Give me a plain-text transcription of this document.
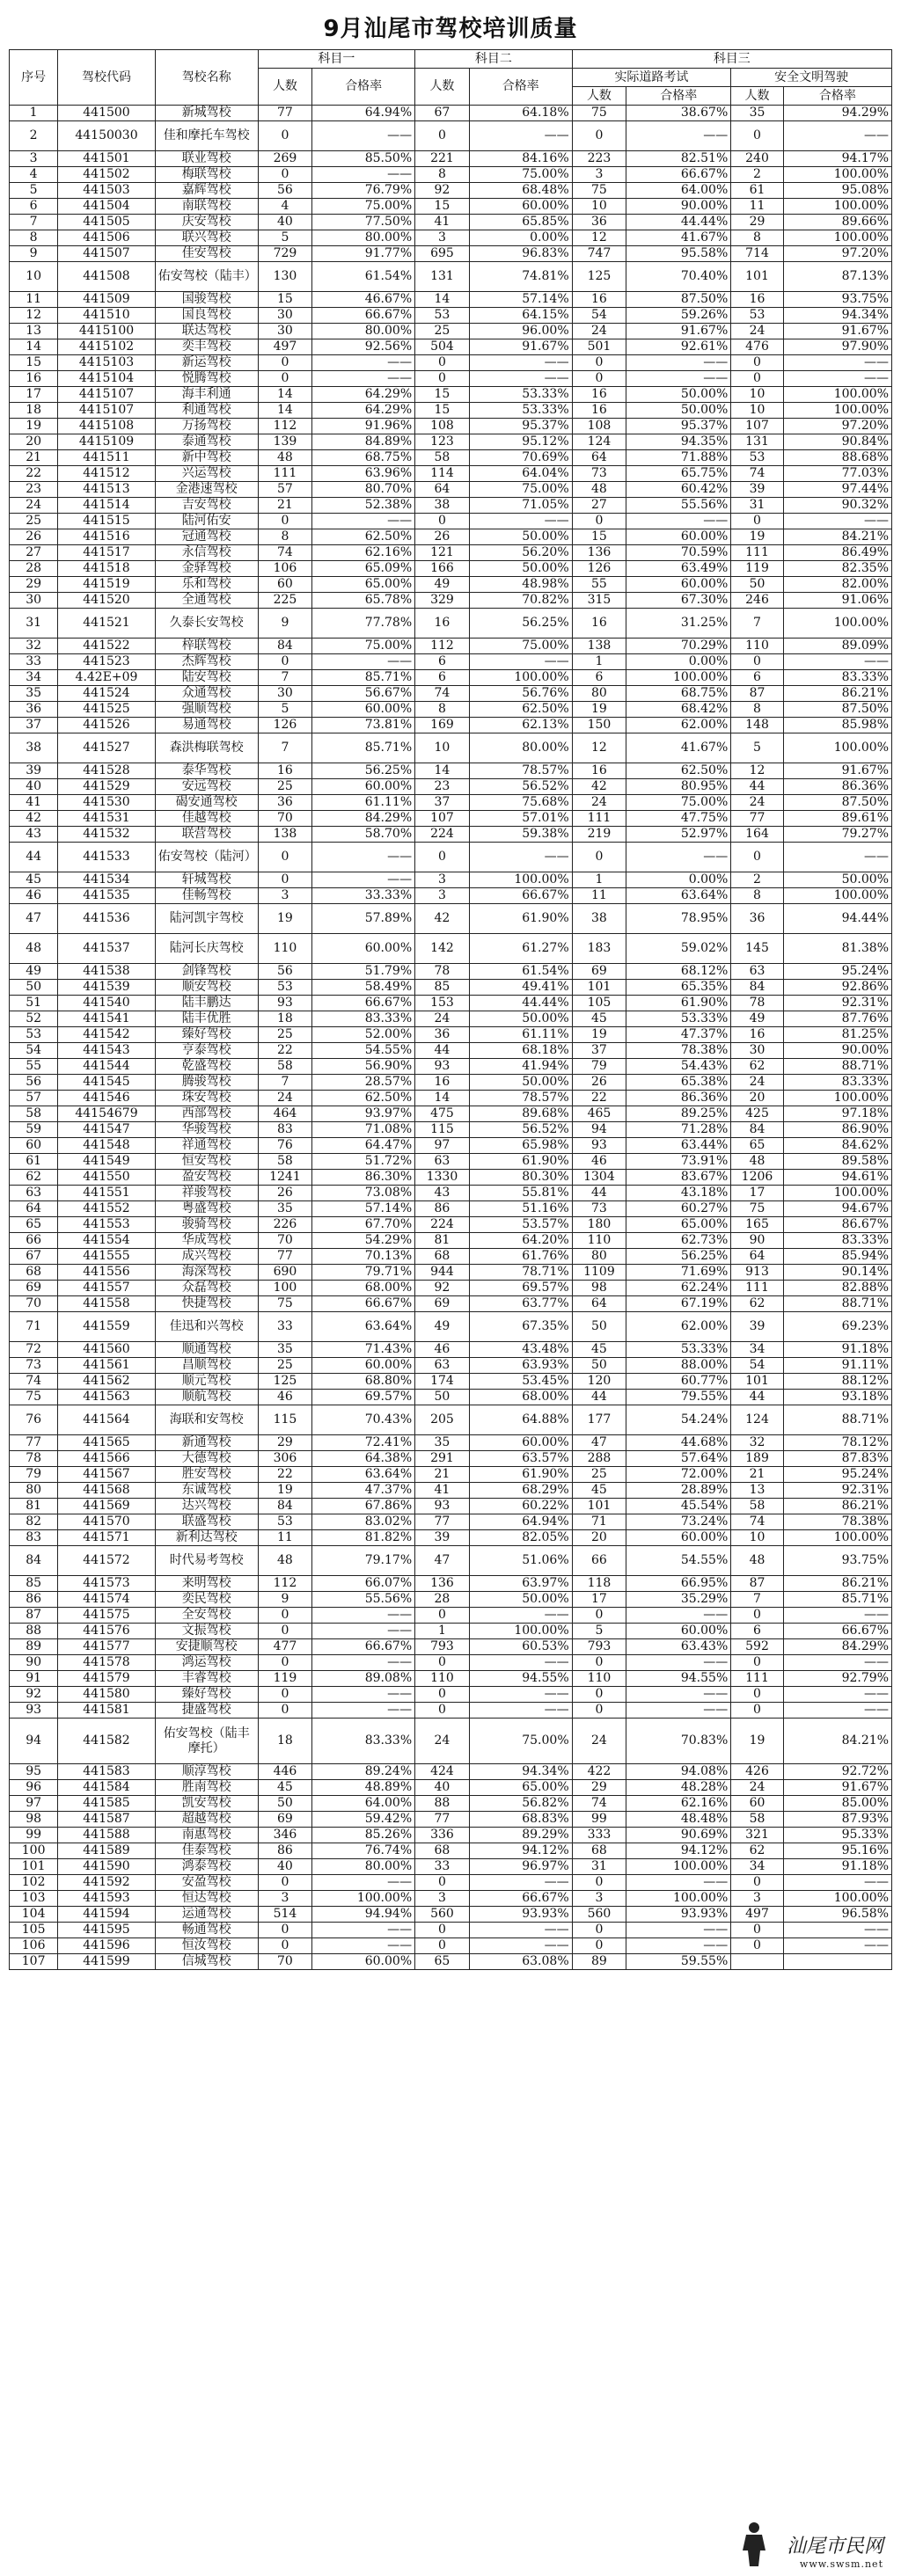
9月汕尾市驾校培训质量
序号	驾校代码	驾校名称	科目一		科目二		科目三			
			人数	合格率	人数	合格率	实际道路考试		安全文明驾驶	
							人数	合格率	人数	合格率
1	441500	新城驾校	77	64.94%	67	64.18%	75	38.67%	35	94.29%
2	44150030	佳和摩托车驾校	0	——	0	——	0	——	0	——
3	441501	联业驾校	269	85.50%	221	84.16%	223	82.51%	240	94.17%
4	441502	梅联驾校	0	——	8	75.00%	3	66.67%	2	100.00%
5	441503	嘉辉驾校	56	76.79%	92	68.48%	75	64.00%	61	95.08%
6	441504	南联驾校	4	75.00%	15	60.00%	10	90.00%	11	100.00%
7	441505	庆安驾校	40	77.50%	41	65.85%	36	44.44%	29	89.66%
8	441506	联兴驾校	5	80.00%	3	0.00%	12	41.67%	8	100.00%
9	441507	佳安驾校	729	91.77%	695	96.83%	747	95.58%	714	97.20%
10	441508	佑安驾校（陆丰）	130	61.54%	131	74.81%	125	70.40%	101	87.13%
11	441509	国骏驾校	15	46.67%	14	57.14%	16	87.50%	16	93.75%
12	441510	国良驾校	30	66.67%	53	64.15%	54	59.26%	53	94.34%
13	4415100	联达驾校	30	80.00%	25	96.00%	24	91.67%	24	91.67%
14	4415102	奕丰驾校	497	92.56%	504	91.67%	501	92.61%	476	97.90%
15	4415103	新运驾校	0	——	0	——	0	——	0	——
16	4415104	悦腾驾校	0	——	0	——	0	——	0	——
17	4415107	海丰利通	14	64.29%	15	53.33%	16	50.00%	10	100.00%
18	4415107	利通驾校	14	64.29%	15	53.33%	16	50.00%	10	100.00%
19	4415108	万扬驾校	112	91.96%	108	95.37%	108	95.37%	107	97.20%
20	4415109	泰通驾校	139	84.89%	123	95.12%	124	94.35%	131	90.84%
21	441511	新中驾校	48	68.75%	58	70.69%	64	71.88%	53	88.68%
22	441512	兴运驾校	111	63.96%	114	64.04%	73	65.75%	74	77.03%
23	441513	金港速驾校	57	80.70%	64	75.00%	48	60.42%	39	97.44%
24	441514	吉安驾校	21	52.38%	38	71.05%	27	55.56%	31	90.32%
25	441515	陆河佑安	0	——	0	——	0	——	0	——
26	441516	冠通驾校	8	62.50%	26	50.00%	15	60.00%	19	84.21%
27	441517	永信驾校	74	62.16%	121	56.20%	136	70.59%	111	86.49%
28	441518	金驿驾校	106	65.09%	166	50.00%	126	63.49%	119	82.35%
29	441519	乐和驾校	60	65.00%	49	48.98%	55	60.00%	50	82.00%
30	441520	全通驾校	225	65.78%	329	70.82%	315	67.30%	246	91.06%
31	441521	久泰长安驾校	9	77.78%	16	56.25%	16	31.25%	7	100.00%
32	441522	梓联驾校	84	75.00%	112	75.00%	138	70.29%	110	89.09%
33	441523	杰辉驾校	0	——	6	——	1	0.00%	0	——
34	4.42E+09	陆安驾校	7	85.71%	6	100.00%	6	100.00%	6	83.33%
35	441524	众通驾校	30	56.67%	74	56.76%	80	68.75%	87	86.21%
36	441525	强顺驾校	5	60.00%	8	62.50%	19	68.42%	8	87.50%
37	441526	易通驾校	126	73.81%	169	62.13%	150	62.00%	148	85.98%
38	441527	森洪梅联驾校	7	85.71%	10	80.00%	12	41.67%	5	100.00%
39	441528	泰华驾校	16	56.25%	14	78.57%	16	62.50%	12	91.67%
40	441529	安远驾校	25	60.00%	23	56.52%	42	80.95%	44	86.36%
41	441530	碣安通驾校	36	61.11%	37	75.68%	24	75.00%	24	87.50%
42	441531	佳越驾校	70	84.29%	107	57.01%	111	47.75%	77	89.61%
43	441532	联营驾校	138	58.70%	224	59.38%	219	52.97%	164	79.27%
44	441533	佑安驾校（陆河）	0	——	0	——	0	——	0	——
45	441534	轩城驾校	0	——	3	100.00%	1	0.00%	2	50.00%
46	441535	佳畅驾校	3	33.33%	3	66.67%	11	63.64%	8	100.00%
47	441536	陆河凯宇驾校	19	57.89%	42	61.90%	38	78.95%	36	94.44%
48	441537	陆河长庆驾校	110	60.00%	142	61.27%	183	59.02%	145	81.38%
49	441538	剑锋驾校	56	51.79%	78	61.54%	69	68.12%	63	95.24%
50	441539	顺安驾校	53	58.49%	85	49.41%	101	65.35%	84	92.86%
51	441540	陆丰鹏达	93	66.67%	153	44.44%	105	61.90%	78	92.31%
52	441541	陆丰优胜	18	83.33%	24	50.00%	45	53.33%	49	87.76%
53	441542	臻好驾校	25	52.00%	36	61.11%	19	47.37%	16	81.25%
54	441543	亨泰驾校	22	54.55%	44	68.18%	37	78.38%	30	90.00%
55	441544	乾盛驾校	58	56.90%	93	41.94%	79	54.43%	62	88.71%
56	441545	腾骏驾校	7	28.57%	16	50.00%	26	65.38%	24	83.33%
57	441546	珠安驾校	24	62.50%	14	78.57%	22	86.36%	20	100.00%
58	44154679	西部驾校	464	93.97%	475	89.68%	465	89.25%	425	97.18%
59	441547	华骏驾校	83	71.08%	115	56.52%	94	71.28%	84	86.90%
60	441548	祥通驾校	76	64.47%	97	65.98%	93	63.44%	65	84.62%
61	441549	恒安驾校	58	51.72%	63	61.90%	46	73.91%	48	89.58%
62	441550	盈安驾校	1241	86.30%	1330	80.30%	1304	83.67%	1206	94.61%
63	441551	祥骏驾校	26	73.08%	43	55.81%	44	43.18%	17	100.00%
64	441552	粤盛驾校	35	57.14%	86	51.16%	73	60.27%	75	94.67%
65	441553	骏骑驾校	226	67.70%	224	53.57%	180	65.00%	165	86.67%
66	441554	华成驾校	70	54.29%	81	64.20%	110	62.73%	90	83.33%
67	441555	成兴驾校	77	70.13%	68	61.76%	80	56.25%	64	85.94%
68	441556	海深驾校	690	79.71%	944	78.71%	1109	71.69%	913	90.14%
69	441557	众磊驾校	100	68.00%	92	69.57%	98	62.24%	111	82.88%
70	441558	快捷驾校	75	66.67%	69	63.77%	64	67.19%	62	88.71%
71	441559	佳迅和兴驾校	33	63.64%	49	67.35%	50	62.00%	39	69.23%
72	441560	顺通驾校	35	71.43%	46	43.48%	45	53.33%	34	91.18%
73	441561	昌顺驾校	25	60.00%	63	63.93%	50	88.00%	54	91.11%
74	441562	顺元驾校	125	68.80%	174	53.45%	120	60.77%	101	88.12%
75	441563	顺航驾校	46	69.57%	50	68.00%	44	79.55%	44	93.18%
76	441564	海联和安驾校	115	70.43%	205	64.88%	177	54.24%	124	88.71%
77	441565	新通驾校	29	72.41%	35	60.00%	47	44.68%	32	78.12%
78	441566	大德驾校	306	64.38%	291	63.57%	288	57.64%	189	87.83%
79	441567	胜安驾校	22	63.64%	21	61.90%	25	72.00%	21	95.24%
80	441568	东诚驾校	19	47.37%	41	68.29%	45	28.89%	13	92.31%
81	441569	达兴驾校	84	67.86%	93	60.22%	101	45.54%	58	86.21%
82	441570	联盛驾校	53	83.02%	77	64.94%	71	73.24%	74	78.38%
83	441571	新利达驾校	11	81.82%	39	82.05%	20	60.00%	10	100.00%
84	441572	时代易考驾校	48	79.17%	47	51.06%	66	54.55%	48	93.75%
85	441573	来明驾校	112	66.07%	136	63.97%	118	66.95%	87	86.21%
86	441574	奕民驾校	9	55.56%	28	50.00%	17	35.29%	7	85.71%
87	441575	全安驾校	0	——	0	——	0	——	0	——
88	441576	文振驾校	0	——	1	100.00%	5	60.00%	6	66.67%
89	441577	安捷顺驾校	477	66.67%	793	60.53%	793	63.43%	592	84.29%
90	441578	鸿运驾校	0	——	0	——	0	——	0	——
91	441579	丰睿驾校	119	89.08%	110	94.55%	110	94.55%	111	92.79%
92	441580	臻好驾校	0	——	0	——	0	——	0	——
93	441581	捷盛驾校	0	——	0	——	0	——	0	——
94	441582	佑安驾校（陆丰摩托）	18	83.33%	24	75.00%	24	70.83%	19	84.21%
95	441583	顺淳驾校	446	89.24%	424	94.34%	422	94.08%	426	92.72%
96	441584	胜南驾校	45	48.89%	40	65.00%	29	48.28%	24	91.67%
97	441585	凯安驾校	50	64.00%	88	56.82%	74	62.16%	60	85.00%
98	441587	超越驾校	69	59.42%	77	68.83%	99	48.48%	58	87.93%
99	441588	南惠驾校	346	85.26%	336	89.29%	333	90.69%	321	95.33%
100	441589	佳泰驾校	86	76.74%	68	94.12%	68	94.12%	62	95.16%
101	441590	鸿泰驾校	40	80.00%	33	96.97%	31	100.00%	34	91.18%
102	441592	安盈驾校	0	——	0	——	0	——	0	——
103	441593	恒达驾校	3	100.00%	3	66.67%	3	100.00%	3	100.00%
104	441594	运通驾校	514	94.94%	560	93.93%	560	93.93%	497	96.58%
105	441595	畅通驾校	0	——	0	——	0	——	0	——
106	441596	恒汝驾校	0	——	0	——	0	——	0	——
107	441599	信城驾校	70	60.00%	65	63.08%	89	59.55%		
汕尾市民网
www.swsm.net
